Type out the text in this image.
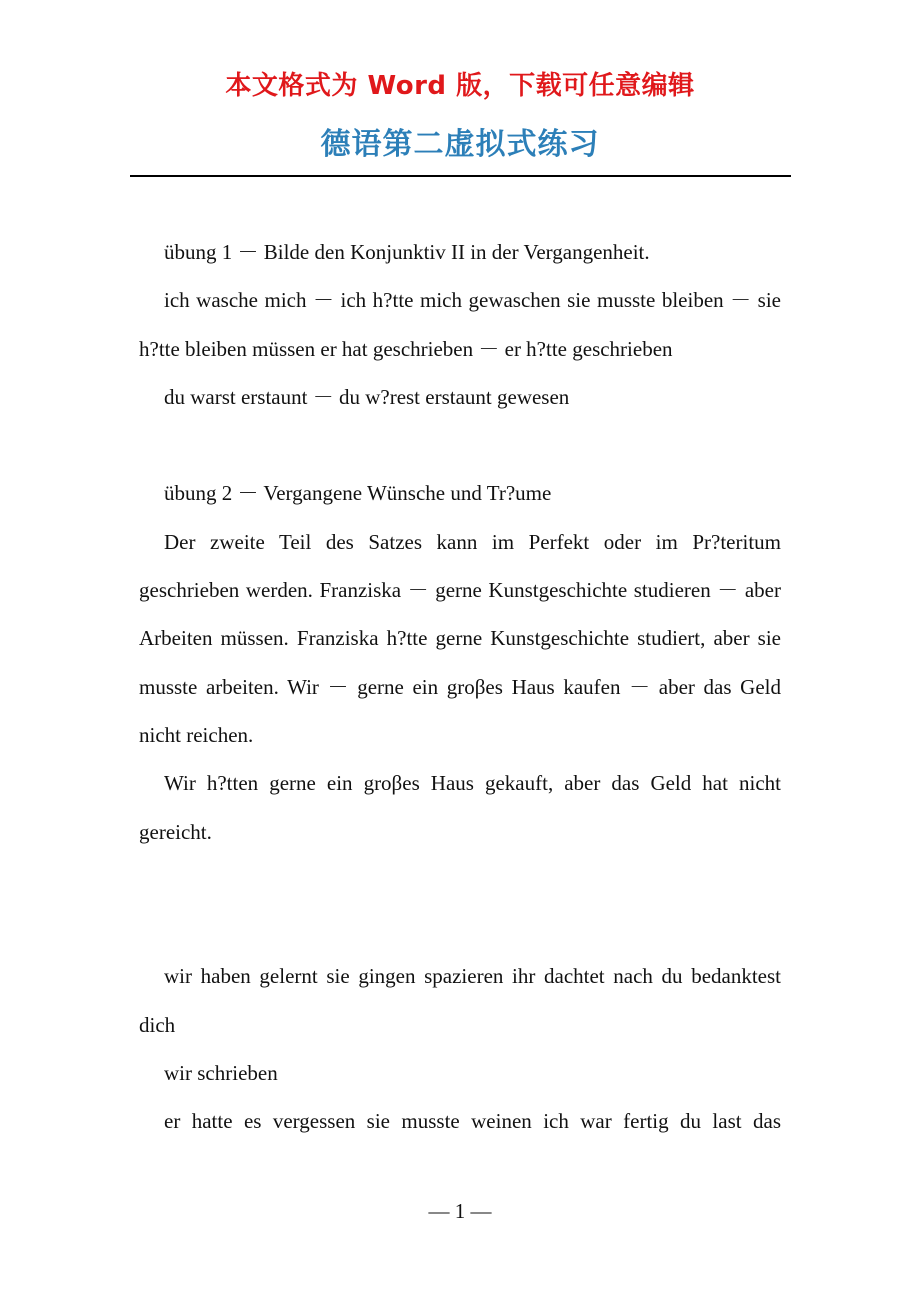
本文格式为 Word 版，下载可任意编辑
德语第二虚拟式练习

übung 1 － Bilde den Konjunktiv II in der Vergangenheit.

ich wasche mich － ich h?tte mich gewaschen sie musste bleiben － sie h?tte bleiben müssen er hat geschrieben － er h?tte geschrieben

du warst erstaunt － du w?rest erstaunt gewesen

übung 2 － Vergangene Wünsche und Tr?ume

Der zweite Teil des Satzes kann im Perfekt oder im Pr?teritum geschrieben werden. Franziska － gerne Kunstgeschichte studieren － aber Arbeiten müssen. Franziska h?tte gerne Kunstgeschichte studiert, aber sie musste arbeiten. Wir － gerne ein groβes Haus kaufen － aber das Geld nicht reichen.

Wir h?tten gerne ein groβes Haus gekauft, aber das Geld hat nicht gereicht.

wir haben gelernt sie gingen spazieren ihr dachtet nach du bedanktest dich

wir schrieben

er hatte es vergessen sie musste weinen ich war fertig du last das

— 1 —
